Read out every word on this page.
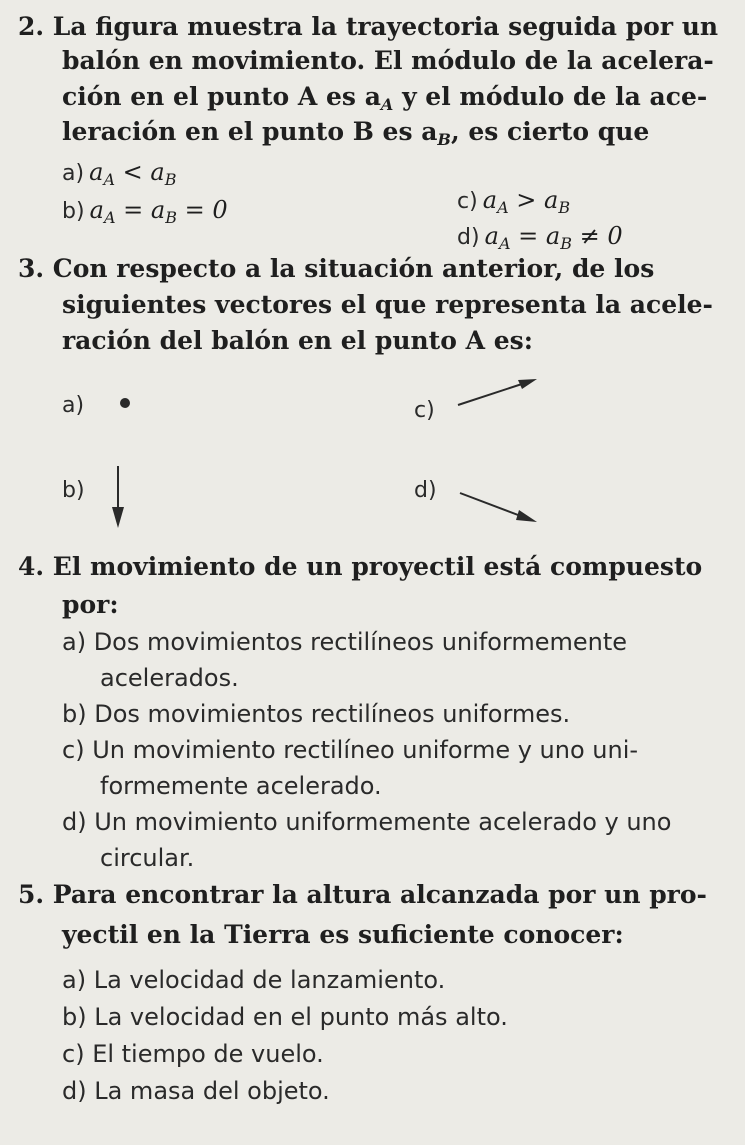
2. La figura muestra la trayectoria seguida por un
balón en movimiento. El módulo de la acelera-
ción en el punto A es $a_A$ y el módulo de la ace-
leración en el punto B es $a_B$, es cierto que
a) aA < aB
b) aA = aB = 0	c) aA > aB
d) aA = aB ≠ 0
3. Con respecto a la situación anterior, de los
siguientes vectores el que representa la acele-
ración del balón en el punto A es:
a)	c)
b)	d)
4. El movimiento de un proyectil está compuesto
por:
a) Dos movimientos rectilíneos uniformemente
acelerados.
b) Dos movimientos rectilíneos uniformes.
c) Un movimiento rectilíneo uniforme y uno uni-
formemente acelerado.
d) Un movimiento uniformemente acelerado y uno
circular.
5. Para encontrar la altura alcanzada por un pro-
yectil en la Tierra es suficiente conocer:
a) La velocidad de lanzamiento.
b) La velocidad en el punto más alto.
c) El tiempo de vuelo.
d) La masa del objeto.
